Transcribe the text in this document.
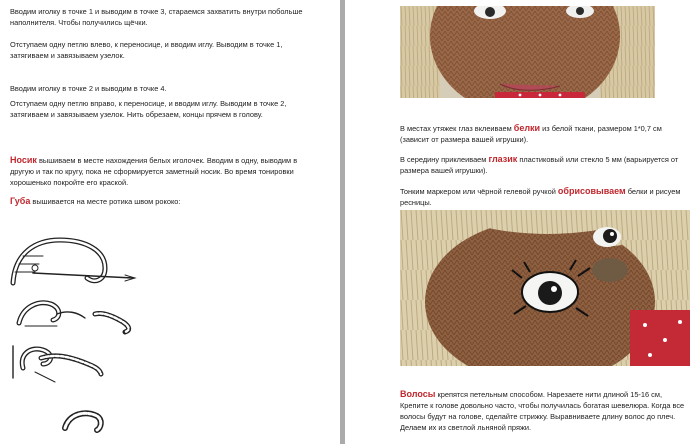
Вводим иголку в точке 1 и выводим в точке 3, стараемся захватить внутри побольше наполнителя. Чтобы получились щёчки.

Отступаем одну петлю влево, к переносице, и вводим иглу. Выводим в точке 1, затягиваем и завязываем узелок.

Вводим иголку в точке 2 и выводим в точке 4.

Отступаем одну петлю вправо, к переносице, и вводим иглу. Выводим в точке 2, затягиваем и завязываем узелок. Нить обрезаем, концы прячем в голову.

Носик вышиваем в месте нахождения белых иголочек. Вводим в одну, выводим в другую и так по кругу, пока не сформируется заметный носик. Во время тонировки хорошенько покройте его краской.

Губа вышивается на месте ротика швом рококо:

В местах утяжек глаз вклеиваем белки из белой ткани, размером 1*0,7 см (зависит от размера вашей игрушки).

В середину приклеиваем глазик пластиковый или стекло 5 мм (варьируется от размера вашей игрушки).

Тонким маркером или чёрной гелевой ручкой обрисовываем белки и рисуем ресницы.

Волосы крепятся петельным способом. Нарезаете нити длиной 15-16 см, Крепите к голове довольно часто, чтобы получилась богатая шевелюра. Когда все волосы будут на голове, сделайте стрижку. Выравниваете длину волос до плеч. Делаем их из светлой льняной пряжи.
